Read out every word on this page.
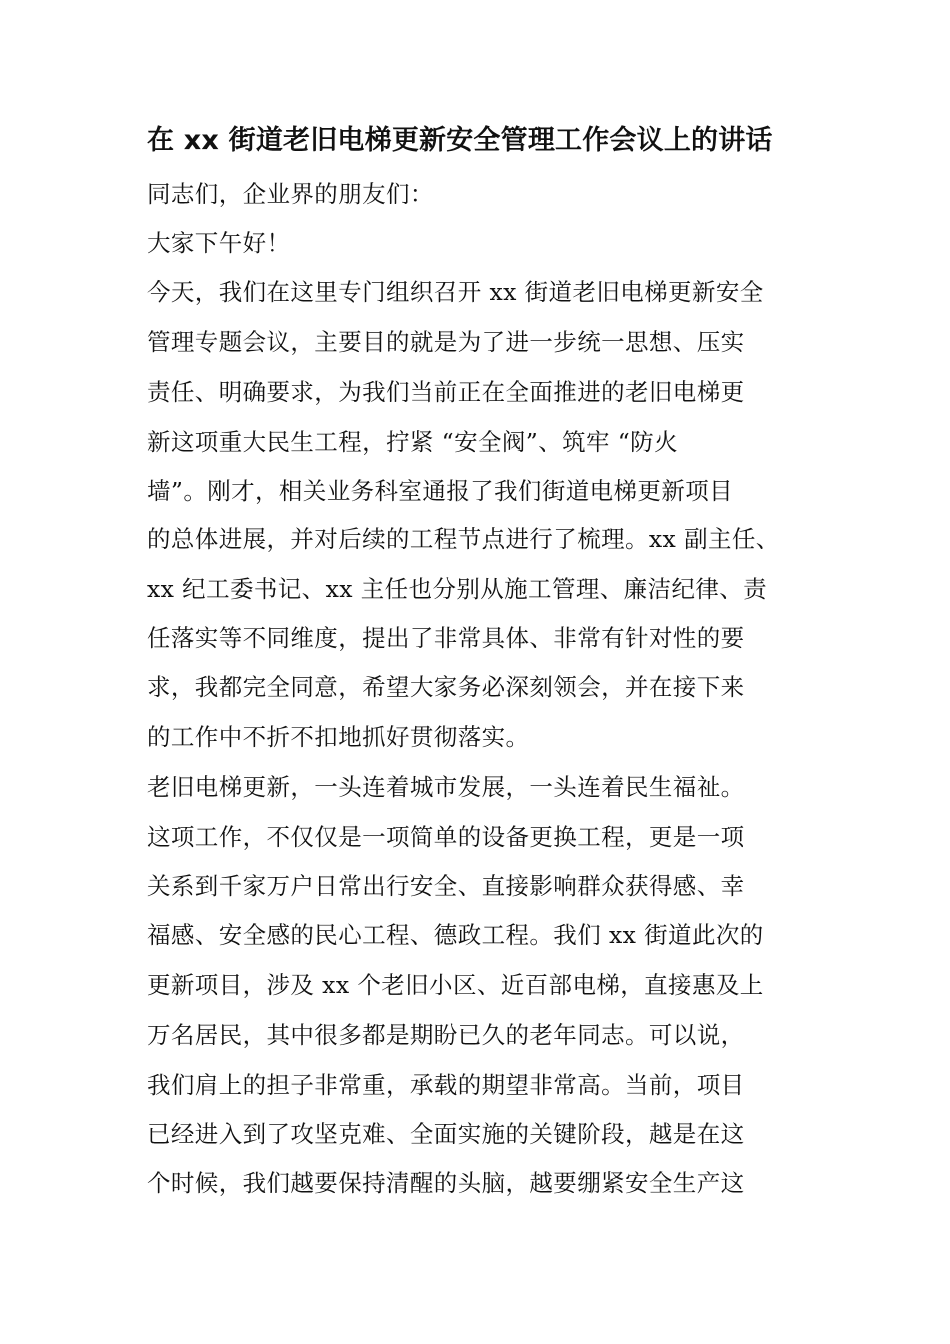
在 xx 街道老旧电梯更新安全管理工作会议上的讲话

同志们，企业界的朋友们：

大家下午好！

今天，我们在这里专门组织召开 xx 街道老旧电梯更新安全

管理专题会议，主要目的就是为了进一步统一思想、压实

责任、明确要求，为我们当前正在全面推进的老旧电梯更

新这项重大民生工程，拧紧 “安全阀”、筑牢 “防火

墙”。刚才，相关业务科室通报了我们街道电梯更新项目

的总体进展，并对后续的工程节点进行了梳理。xx 副主任、

xx 纪工委书记、xx 主任也分别从施工管理、廉洁纪律、责

任落实等不同维度，提出了非常具体、非常有针对性的要

求，我都完全同意，希望大家务必深刻领会，并在接下来

的工作中不折不扣地抓好贯彻落实。

老旧电梯更新，一头连着城市发展，一头连着民生福祉。

这项工作，不仅仅是一项简单的设备更换工程，更是一项

关系到千家万户日常出行安全、直接影响群众获得感、幸

福感、安全感的民心工程、德政工程。我们 xx 街道此次的

更新项目，涉及 xx 个老旧小区、近百部电梯，直接惠及上

万名居民，其中很多都是期盼已久的老年同志。可以说，

我们肩上的担子非常重，承载的期望非常高。当前，项目

已经进入到了攻坚克难、全面实施的关键阶段，越是在这

个时候，我们越要保持清醒的头脑，越要绷紧安全生产这
